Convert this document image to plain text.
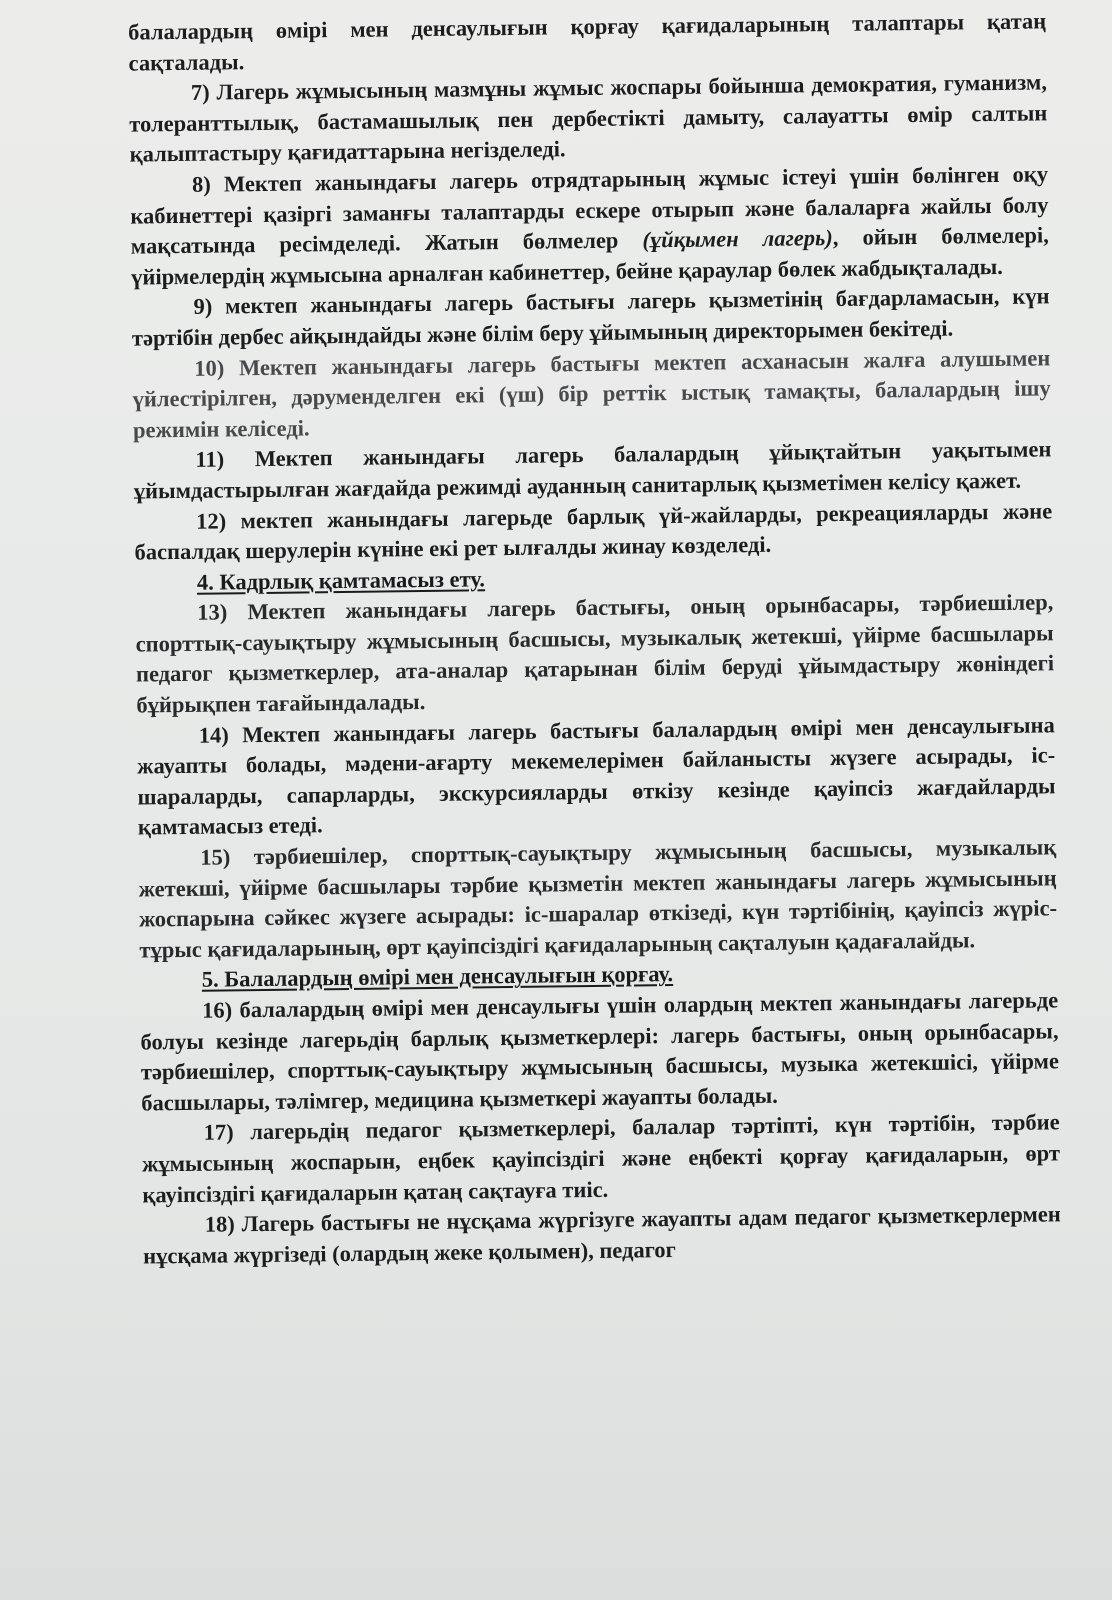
балалардың өмірі мен денсаулығын қорғау қағидаларының талаптары қатаң сақталады.

7) Лагерь жұмысының мазмұны жұмыс жоспары бойынша демократия, гуманизм, толеранттылық, бастамашылық пен дербестікті дамыту, салауатты өмір салтын қалыптастыру қағидаттарына негізделеді.

8) Мектеп жанындағы лагерь отрядтарының жұмыс істеуі үшін бөлінген оқу кабинеттері қазіргі заманғы талаптарды ескере отырып және балаларға жайлы болу мақсатында ресімделеді. Жатын бөлмелер (ұйқымен лагерь), ойын бөлмелері, үйірмелердің жұмысына арналған кабинеттер, бейне қараулар бөлек жабдықталады.

9) мектеп жанындағы лагерь бастығы лагерь қызметінің бағдарламасын, күн тәртібін дербес айқындайды және білім беру ұйымының директорымен бекітеді.

10) Мектеп жанындағы лагерь бастығы мектеп асханасын жалға алушымен үйлестірілген, дәруменделген екі (үш) бір реттік ыстық тамақты, балалардың ішу режимін келіседі.

11) Мектеп жанындағы лагерь балалардың ұйықтайтын уақытымен ұйымдастырылған жағдайда режимді ауданның санитарлық қызметімен келісу қажет.

12) мектеп жанындағы лагерьде барлық үй-жайларды, рекреацияларды және баспалдақ шерулерін күніне екі рет ылғалды жинау көзделеді.

4. Кадрлық қамтамасыз ету.

13) Мектеп жанындағы лагерь бастығы, оның орынбасары, тәрбиешілер, спорттық-сауықтыру жұмысының басшысы, музыкалық жетекші, үйірме басшылары педагог қызметкерлер, ата-аналар қатарынан білім беруді ұйымдастыру жөніндегі бұйрықпен тағайындалады.

14) Мектеп жанындағы лагерь бастығы балалардың өмірі мен денсаулығына жауапты болады, мәдени-ағарту мекемелерімен байланысты жүзеге асырады, іс-шараларды, сапарларды, экскурсияларды өткізу кезінде қауіпсіз жағдайларды қамтамасыз етеді.

15) тәрбиешілер, спорттық-сауықтыру жұмысының басшысы, музыкалық жетекші, үйірме басшылары тәрбие қызметін мектеп жанындағы лагерь жұмысының жоспарына сәйкес жүзеге асырады: іс-шаралар өткізеді, күн тәртібінің, қауіпсіз жүріс-тұрыс қағидаларының, өрт қауіпсіздігі қағидаларының сақталуын қадағалайды.

5. Балалардың өмірі мен денсаулығын қорғау.

16) балалардың өмірі мен денсаулығы үшін олардың мектеп жанындағы лагерьде болуы кезінде лагерьдің барлық қызметкерлері: лагерь бастығы, оның орынбасары, тәрбиешілер, спорттық-сауықтыру жұмысының басшысы, музыка жетекшісі, үйірме басшылары, тәлімгер, медицина қызметкері жауапты болады.

17) лагерьдің педагог қызметкерлері, балалар тәртіпті, күн тәртібін, тәрбие жұмысының жоспарын, еңбек қауіпсіздігі және еңбекті қорғау қағидаларын, өрт қауіпсіздігі қағидаларын қатаң сақтауға тиіс.

18) Лагерь бастығы не нұсқама жүргізуге жауапты адам педагог қызметкерлермен нұсқама жүргізеді (олардың жеке қолымен), педагог
